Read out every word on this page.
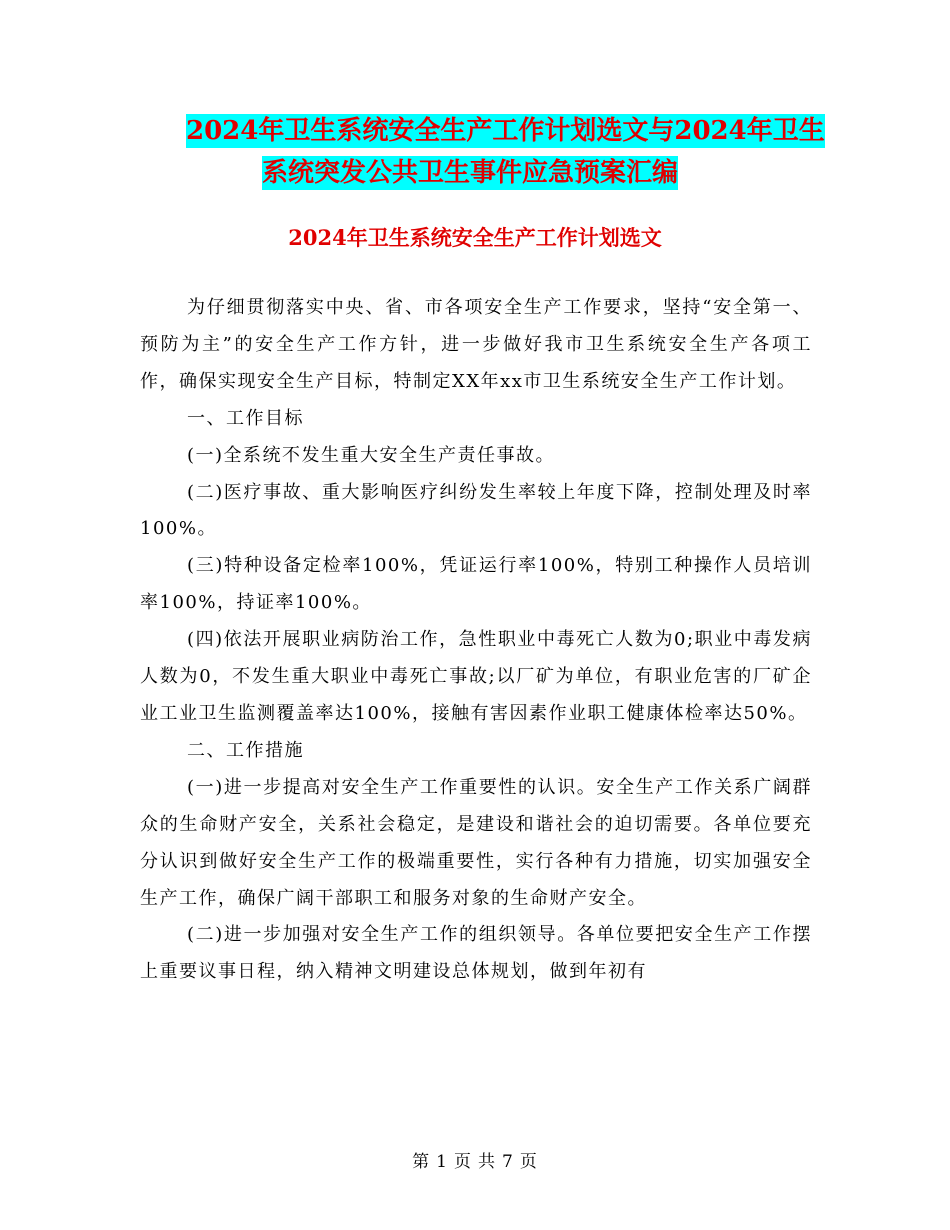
2024年卫生系统安全生产工作计划选文与2024年卫生
系统突发公共卫生事件应急预案汇编
2024年卫生系统安全生产工作计划选文

为仔细贯彻落实中央、省、市各项安全生产工作要求，坚持“安全第一、预防为主”的安全生产工作方针，进一步做好我市卫生系统安全生产各项工作，确保实现安全生产目标，特制定XX年xx市卫生系统安全生产工作计划。

一、工作目标

(一)全系统不发生重大安全生产责任事故。

(二)医疗事故、重大影响医疗纠纷发生率较上年度下降，控制处理及时率100%。

(三)特种设备定检率100%，凭证运行率100%，特别工种操作人员培训率100%，持证率100%。

(四)依法开展职业病防治工作，急性职业中毒死亡人数为0;职业中毒发病人数为0，不发生重大职业中毒死亡事故;以厂矿为单位，有职业危害的厂矿企业工业卫生监测覆盖率达100%，接触有害因素作业职工健康体检率达50%。

二、工作措施

(一)进一步提高对安全生产工作重要性的认识。安全生产工作关系广阔群众的生命财产安全，关系社会稳定，是建设和谐社会的迫切需要。各单位要充分认识到做好安全生产工作的极端重要性，实行各种有力措施，切实加强安全生产工作，确保广阔干部职工和服务对象的生命财产安全。

(二)进一步加强对安全生产工作的组织领导。各单位要把安全生产工作摆上重要议事日程，纳入精神文明建设总体规划，做到年初有

第 1 页 共 7 页
